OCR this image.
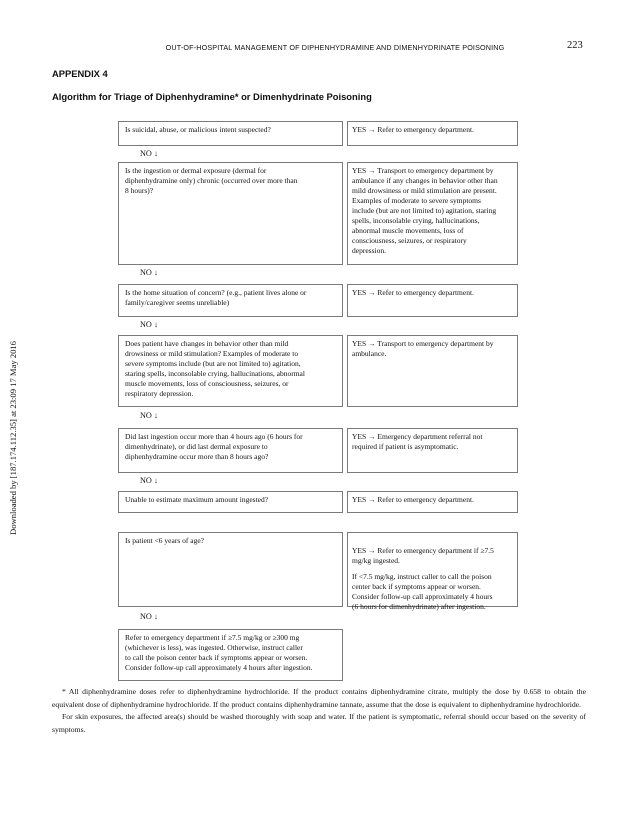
OUT-OF-HOSPITAL MANAGEMENT OF DIPHENHYDRAMINE AND DIMENHYDRINATE POISONING	223
Downloaded by [187.174.112.35] at 23:09 17 May 2016
APPENDIX 4
Algorithm for Triage of Diphenhydramine* or Dimenhydrinate Poisoning
Is suicidal, abuse, or malicious intent suspected?	YES → Refer to emergency department.
NO ↓
Is the ingestion or dermal exposure (dermal for
diphenhydramine only) chronic (occurred over more than
8 hours)?
YES → Transport to emergency department by
ambulance if any changes in behavior other than
mild drowsiness or mild stimulation are present.
Examples of moderate to severe symptoms
include (but are not limited to) agitation, staring
spells, inconsolable crying, hallucinations,
abnormal muscle movements, loss of
consciousness, seizures, or respiratory
depression.
NO ↓
Is the home situation of concern? (e.g., patient lives alone or
family/caregiver seems unreliable)
YES → Refer to emergency department.
NO ↓
Does patient have changes in behavior other than mild
drowsiness or mild stimulation? Examples of moderate to
severe symptoms include (but are not limited to) agitation,
staring spells, inconsolable crying, hallucinations, abnormal
muscle movements, loss of consciousness, seizures, or
respiratory depression.
YES → Transport to emergency department by
ambulance.
NO ↓
Did last ingestion occur more than 4 hours ago (6 hours for
dimenhydrinate), or did last dermal exposure to
diphenhydramine occur more than 8 hours ago?
YES → Emergency department referral not
required if patient is asymptomatic.
NO ↓
Unable to estimate maximum amount ingested?	YES → Refer to emergency department.
Is patient <6 years of age?

YES → Refer to emergency department if ≥7.5
mg/kg ingested.

If <7.5 mg/kg, instruct caller to call the poison
center back if symptoms appear or worsen.
Consider follow-up call approximately 4 hours
(6 hours for dimenhydrinate) after ingestion.

NO ↓
Refer to emergency department if ≥7.5 mg/kg or ≥300 mg
(whichever is less), was ingested. Otherwise, instruct caller
to call the poison center back if symptoms appear or worsen.
Consider follow-up call approximately 4 hours after ingestion.

* All diphenhydramine doses refer to diphenhydramine hydrochloride. If the product contains diphenhydramine citrate, multiply the dose by 0.658 to obtain the equivalent dose of diphenhydramine hydrochloride. If the product contains diphenhydramine tannate, assume that the dose is equivalent to diphenhydramine hydrochloride.

For skin exposures, the affected area(s) should be washed thoroughly with soap and water. If the patient is symptomatic, referral should occur based on the severity of symptoms.
